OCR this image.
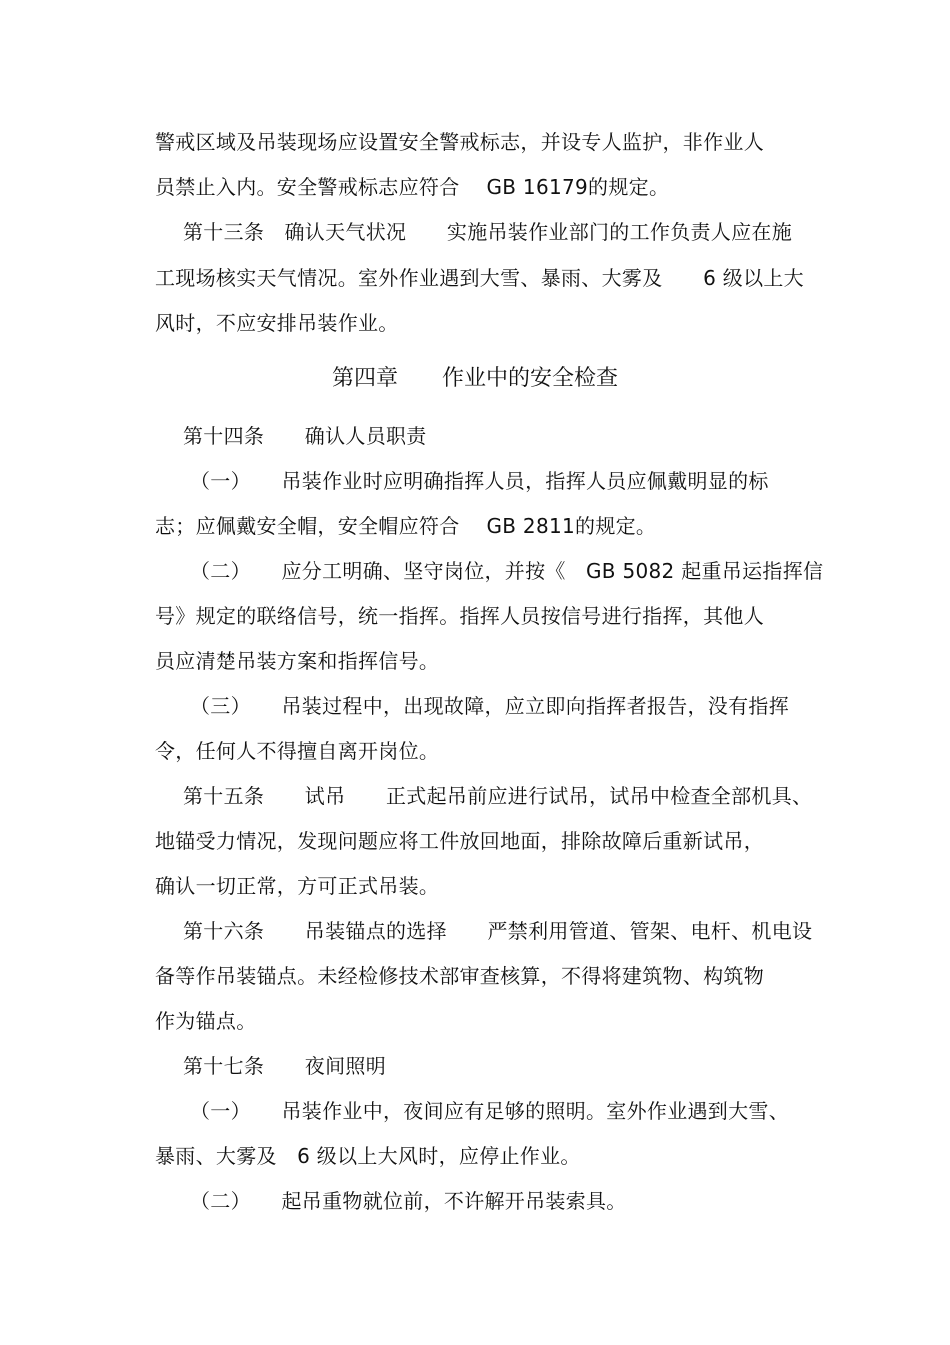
警戒区域及吊装现场应设置安全警戒标志，并设专人监护，非作业人
员禁止入内。安全警戒标志应符合　 GB 16179的规定。
第十三条　确认天气状况　　实施吊装作业部门的工作负责人应在施
工现场核实天气情况。室外作业遇到大雪、暴雨、大雾及　　6 级以上大
风时，不应安排吊装作业。
第四章　　作业中的安全检查
第十四条　　确认人员职责
（一）　　吊装作业时应明确指挥人员，指挥人员应佩戴明显的标
志；应佩戴安全帽，安全帽应符合　 GB 2811的规定。
（二）　　应分工明确、坚守岗位，并按《　GB 5082 起重吊运指挥信
号》规定的联络信号，统一指挥。指挥人员按信号进行指挥，其他人
员应清楚吊装方案和指挥信号。
（三）　　吊装过程中，出现故障，应立即向指挥者报告，没有指挥
令，任何人不得擅自离开岗位。
第十五条　　试吊　　正式起吊前应进行试吊，试吊中检查全部机具、
地锚受力情况，发现问题应将工件放回地面，排除故障后重新试吊，
确认一切正常，方可正式吊装。
第十六条　　吊装锚点的选择　　严禁利用管道、管架、电杆、机电设
备等作吊装锚点。未经检修技术部审查核算，不得将建筑物、构筑物
作为锚点。
第十七条　　夜间照明
（一）　　吊装作业中，夜间应有足够的照明。室外作业遇到大雪、
暴雨、大雾及　6 级以上大风时，应停止作业。
（二）　　起吊重物就位前，不许解开吊装索具。
